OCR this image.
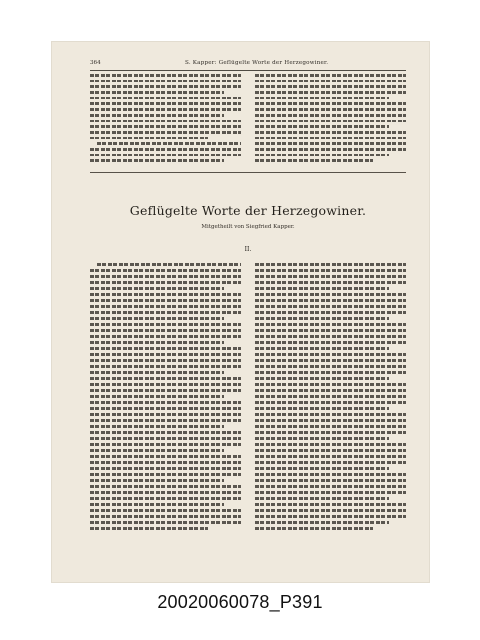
364	S. Kapper: Geflügelte Worte der Herzegowiner.
Geflügelte Worte der Herzegowiner.
Mitgetheilt von Siegfried Kapper.
II.
20020060078_P391
